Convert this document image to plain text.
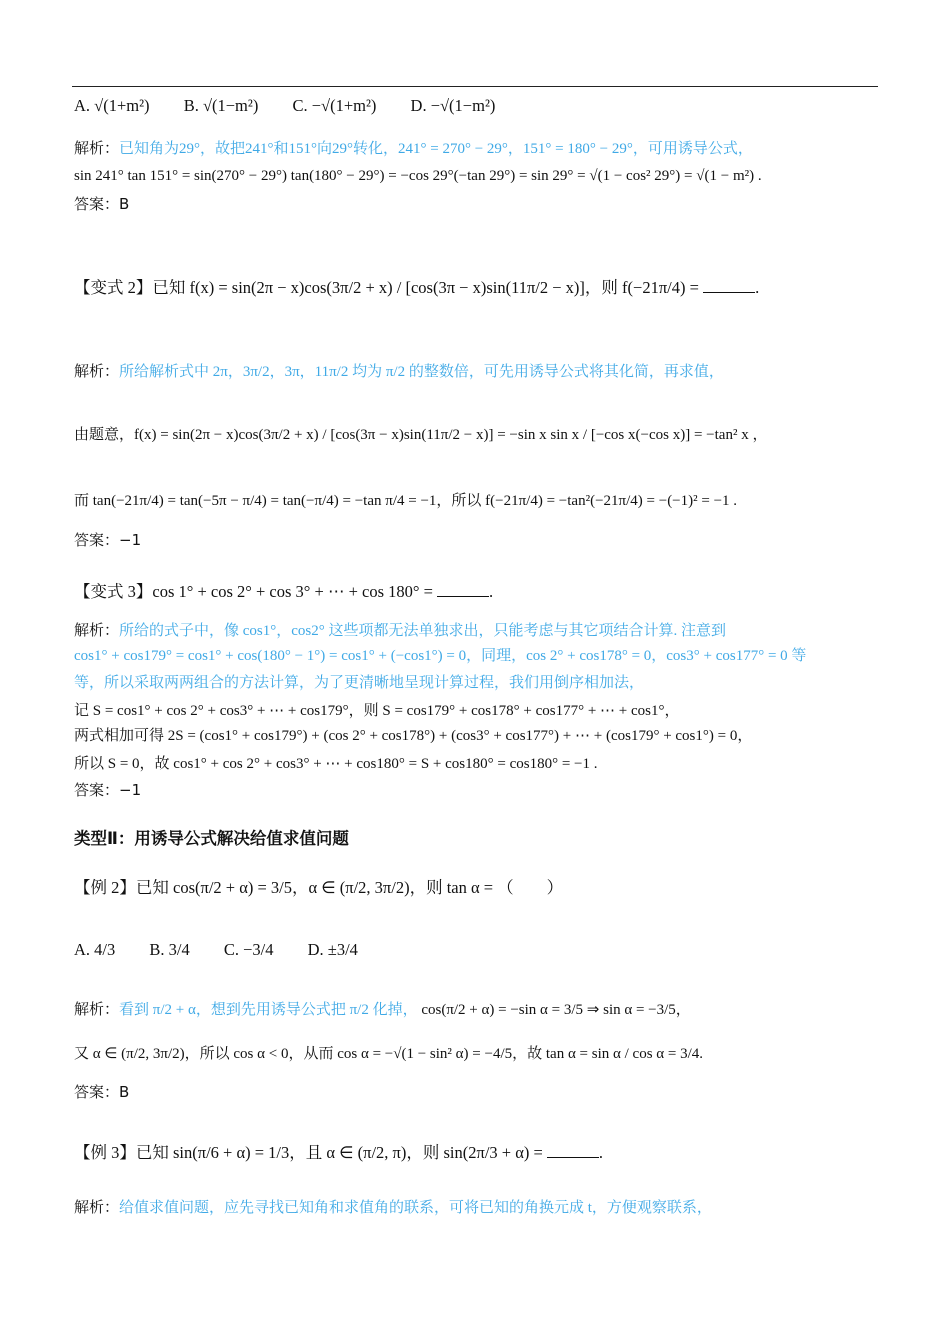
A. √(1+m²) B. √(1−m²) C. −√(1+m²) D. −√(1−m²)
解析：已知角为29°，故把241°和151°向29°转化，241° = 270° − 29°，151° = 180° − 29°，可用诱导公式，
sin 241° tan 151° = sin(270° − 29°) tan(180° − 29°) = −cos 29°(−tan 29°) = sin 29° = √(1 − cos² 29°) = √(1 − m²) .
答案：B
【变式 2】已知 f(x) = sin(2π − x)cos(3π/2 + x) / [cos(3π − x)sin(11π/2 − x)]，则 f(−21π/4) =	.
解析：所给解析式中 2π，3π/2，3π，11π/2 均为 π/2 的整数倍，可先用诱导公式将其化简，再求值，
由题意，f(x) = sin(2π − x)cos(3π/2 + x) / [cos(3π − x)sin(11π/2 − x)] = −sin x sin x / [−cos x(−cos x)] = −tan² x ，
而 tan(−21π/4) = tan(−5π − π/4) = tan(−π/4) = −tan π/4 = −1，所以 f(−21π/4) = −tan²(−21π/4) = −(−1)² = −1 .
答案：−1
【变式 3】cos 1° + cos 2° + cos 3° + ⋯ + cos 180° =	.
解析：所给的式子中，像 cos1°，cos2° 这些项都无法单独求出，只能考虑与其它项结合计算. 注意到
cos1° + cos179° = cos1° + cos(180° − 1°) = cos1° + (−cos1°) = 0，同理，cos 2° + cos178° = 0，cos3° + cos177° = 0 等
等，所以采取两两组合的方法计算，为了更清晰地呈现计算过程，我们用倒序相加法，
记 S = cos1° + cos 2° + cos3° + ⋯ + cos179°，则 S = cos179° + cos178° + cos177° + ⋯ + cos1°，
两式相加可得 2S = (cos1° + cos179°) + (cos 2° + cos178°) + (cos3° + cos177°) + ⋯ + (cos179° + cos1°) = 0，
所以 S = 0，故 cos1° + cos 2° + cos3° + ⋯ + cos180° = S + cos180° = cos180° = −1 .
答案：−1
类型Ⅱ：用诱导公式解决给值求值问题
【例 2】已知 cos(π/2 + α) = 3/5，α ∈ (π/2, 3π/2)，则 tan α = （　　）
A. 4/3 B. 3/4 C. −3/4 D. ±3/4
解析：看到 π/2 + α，想到先用诱导公式把 π/2 化掉， cos(π/2 + α) = −sin α = 3/5 ⇒ sin α = −3/5，
又 α ∈ (π/2, 3π/2)，所以 cos α < 0，从而 cos α = −√(1 − sin² α) = −4/5，故 tan α = sin α / cos α = 3/4.
答案：B
【例 3】已知 sin(π/6 + α) = 1/3，且 α ∈ (π/2, π)，则 sin(2π/3 + α) =	.
解析：给值求值问题，应先寻找已知角和求值角的联系，可将已知的角换元成 t，方便观察联系，
